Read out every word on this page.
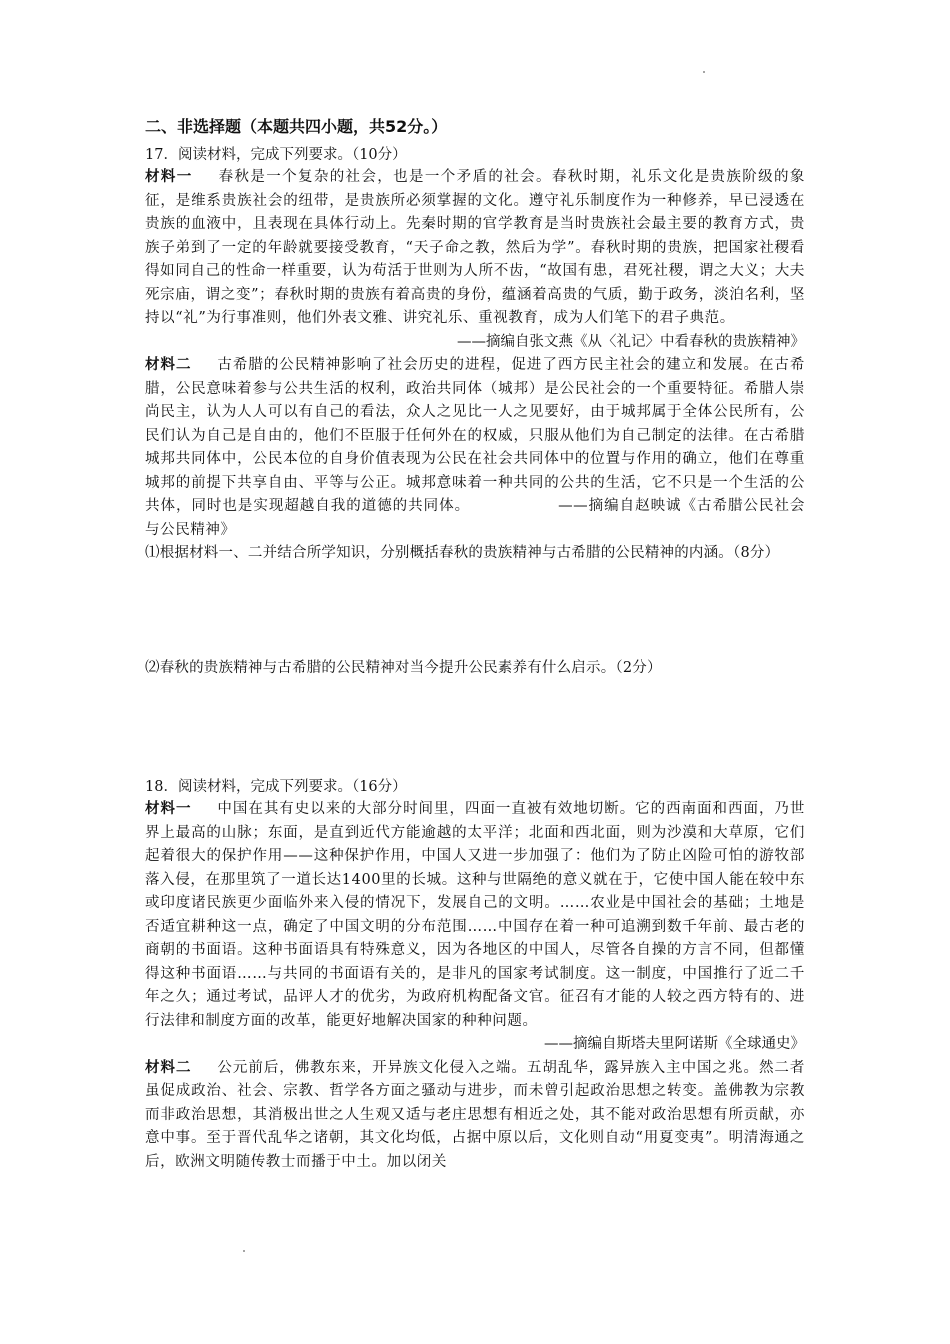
二、非选择题（本题共四小题，共52分。）

17．阅读材料，完成下列要求。（10分）

材料一 春秋是一个复杂的社会，也是一个矛盾的社会。春秋时期，礼乐文化是贵族阶级的象征，是维系贵族社会的纽带，是贵族所必须掌握的文化。遵守礼乐制度作为一种修养，早已浸透在贵族的血液中，且表现在具体行动上。先秦时期的官学教育是当时贵族社会最主要的教育方式，贵族子弟到了一定的年龄就要接受教育，“天子命之教，然后为学”。春秋时期的贵族，把国家社稷看得如同自己的性命一样重要，认为苟活于世则为人所不齿，“故国有患，君死社稷，谓之大义；大夫死宗庙，谓之变”；春秋时期的贵族有着高贵的身份，蕴涵着高贵的气质，勤于政务，淡泊名利，坚持以“礼”为行事准则，他们外表文雅、讲究礼乐、重视教育，成为人们笔下的君子典范。

——摘编自张文燕《从〈礼记〉中看春秋的贵族精神》

材料二 古希腊的公民精神影响了社会历史的进程，促进了西方民主社会的建立和发展。在古希腊，公民意味着参与公共生活的权利，政治共同体（城邦）是公民社会的一个重要特征。希腊人崇尚民主，认为人人可以有自己的看法，众人之见比一人之见要好，由于城邦属于全体公民所有，公民们认为自己是自由的，他们不臣服于任何外在的权威，只服从他们为自己制定的法律。在古希腊城邦共同体中，公民本位的自身价值表现为公民在社会共同体中的位置与作用的确立，他们在尊重城邦的前提下共享自由、平等与公正。城邦意味着一种共同的公共的生活，它不只是一个生活的公共体，同时也是实现超越自我的道德的共同体。	——摘编自赵映诚《古希腊公民社会与公民精神》

⑴根据材料一、二并结合所学知识，分别概括春秋的贵族精神与古希腊的公民精神的内涵。（8分）

⑵春秋的贵族精神与古希腊的公民精神对当今提升公民素养有什么启示。（2分）

18．阅读材料，完成下列要求。（16分）

材料一 中国在其有史以来的大部分时间里，四面一直被有效地切断。它的西南面和西面，乃世界上最高的山脉；东面，是直到近代方能逾越的太平洋；北面和西北面，则为沙漠和大草原，它们起着很大的保护作用——这种保护作用，中国人又进一步加强了：他们为了防止凶险可怕的游牧部落入侵，在那里筑了一道长达1400里的长城。这种与世隔绝的意义就在于，它使中国人能在较中东或印度诸民族更少面临外来入侵的情况下，发展自己的文明。……农业是中国社会的基础；土地是否适宜耕种这一点，确定了中国文明的分布范围……中国存在着一种可追溯到数千年前、最古老的商朝的书面语。这种书面语具有特殊意义，因为各地区的中国人，尽管各自操的方言不同，但都懂得这种书面语……与共同的书面语有关的，是非凡的国家考试制度。这一制度，中国推行了近二千年之久；通过考试，品评人才的优劣，为政府机构配备文官。征召有才能的人较之西方特有的、进行法律和制度方面的改革，能更好地解决国家的种种问题。

——摘编自斯塔夫里阿诺斯《全球通史》

材料二 公元前后，佛教东来，开异族文化侵入之端。五胡乱华，露异族入主中国之兆。然二者虽促成政治、社会、宗教、哲学各方面之骚动与进步，而未曾引起政治思想之转变。盖佛教为宗教而非政治思想，其消极出世之人生观又适与老庄思想有相近之处，其不能对政治思想有所贡献，亦意中事。至于晋代乱华之诸朝，其文化均低，占据中原以后，文化则自动“用夏变夷”。明清海通之后，欧洲文明随传教士而播于中土。加以闭关
